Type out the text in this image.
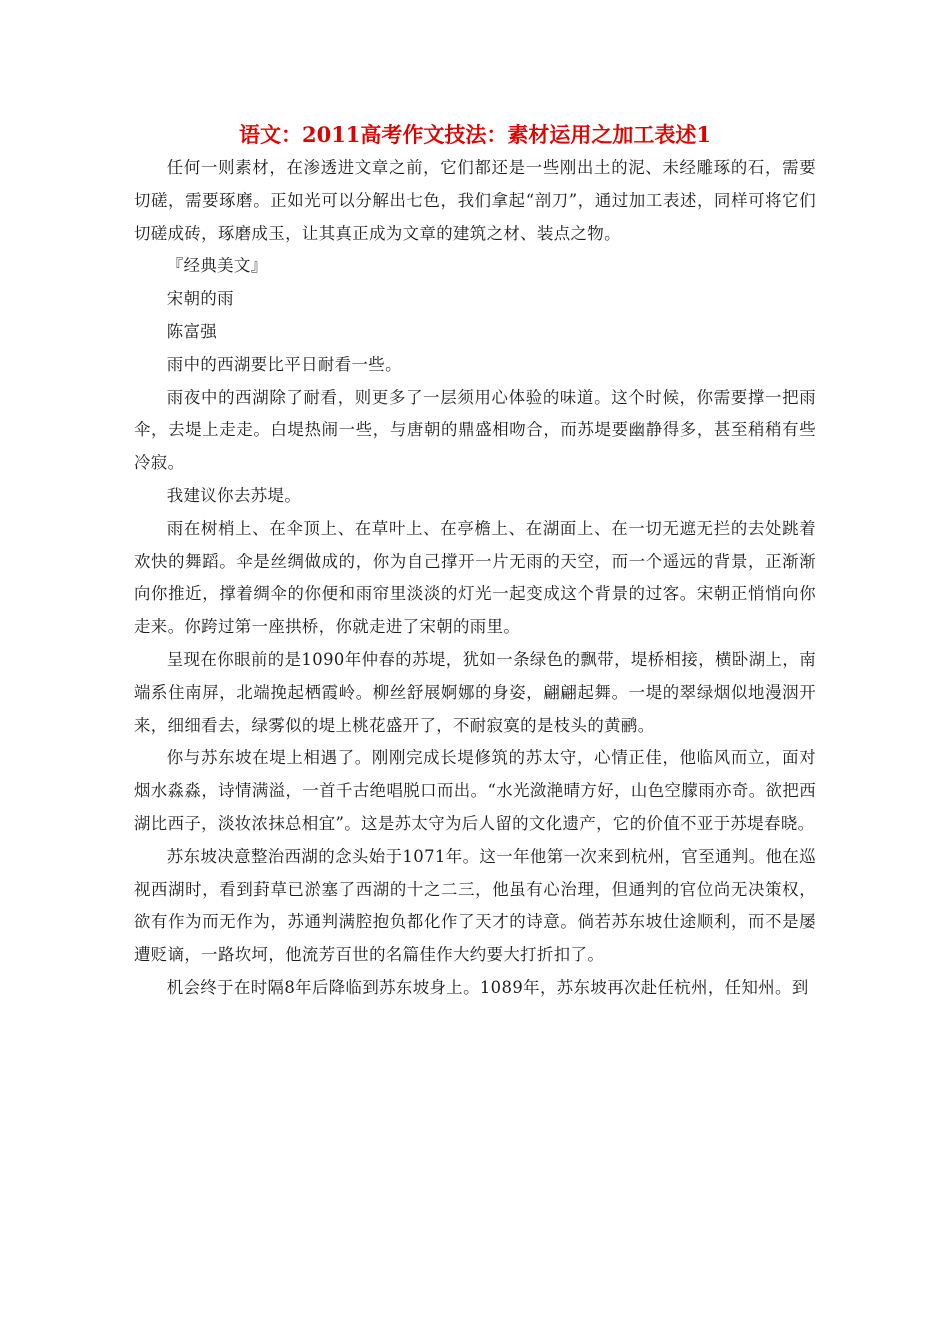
语文：2011高考作文技法：素材运用之加工表述1

任何一则素材，在渗透进文章之前，它们都还是一些刚出土的泥、未经雕琢的石，需要切磋，需要琢磨。正如光可以分解出七色，我们拿起“剖刀”，通过加工表述，同样可将它们切磋成砖，琢磨成玉，让其真正成为文章的建筑之材、装点之物。

『经典美文』

宋朝的雨

陈富强

雨中的西湖要比平日耐看一些。

雨夜中的西湖除了耐看，则更多了一层须用心体验的味道。这个时候，你需要撑一把雨伞，去堤上走走。白堤热闹一些，与唐朝的鼎盛相吻合，而苏堤要幽静得多，甚至稍稍有些冷寂。

我建议你去苏堤。

雨在树梢上、在伞顶上、在草叶上、在亭檐上、在湖面上、在一切无遮无拦的去处跳着欢快的舞蹈。伞是丝绸做成的，你为自己撑开一片无雨的天空，而一个遥远的背景，正渐渐向你推近，撑着绸伞的你便和雨帘里淡淡的灯光一起变成这个背景的过客。宋朝正悄悄向你走来。你跨过第一座拱桥，你就走进了宋朝的雨里。

呈现在你眼前的是1090年仲春的苏堤，犹如一条绿色的飘带，堤桥相接，横卧湖上，南端系住南屏，北端挽起栖霞岭。柳丝舒展婀娜的身姿，翩翩起舞。一堤的翠绿烟似地漫洇开来，细细看去，绿雾似的堤上桃花盛开了，不耐寂寞的是枝头的黄鹂。

你与苏东坡在堤上相遇了。刚刚完成长堤修筑的苏太守，心情正佳，他临风而立，面对烟水淼淼，诗情满溢，一首千古绝唱脱口而出。“水光潋滟晴方好，山色空朦雨亦奇。欲把西湖比西子，淡妆浓抹总相宜”。这是苏太守为后人留的文化遗产，它的价值不亚于苏堤春晓。

苏东坡决意整治西湖的念头始于1071年。这一年他第一次来到杭州，官至通判。他在巡视西湖时，看到葑草已淤塞了西湖的十之二三，他虽有心治理，但通判的官位尚无决策权，欲有作为而无作为，苏通判满腔抱负都化作了天才的诗意。倘若苏东坡仕途顺利，而不是屡遭贬谪，一路坎坷，他流芳百世的名篇佳作大约要大打折扣了。

机会终于在时隔8年后降临到苏东坡身上。1089年，苏东坡再次赴任杭州，任知州。到
